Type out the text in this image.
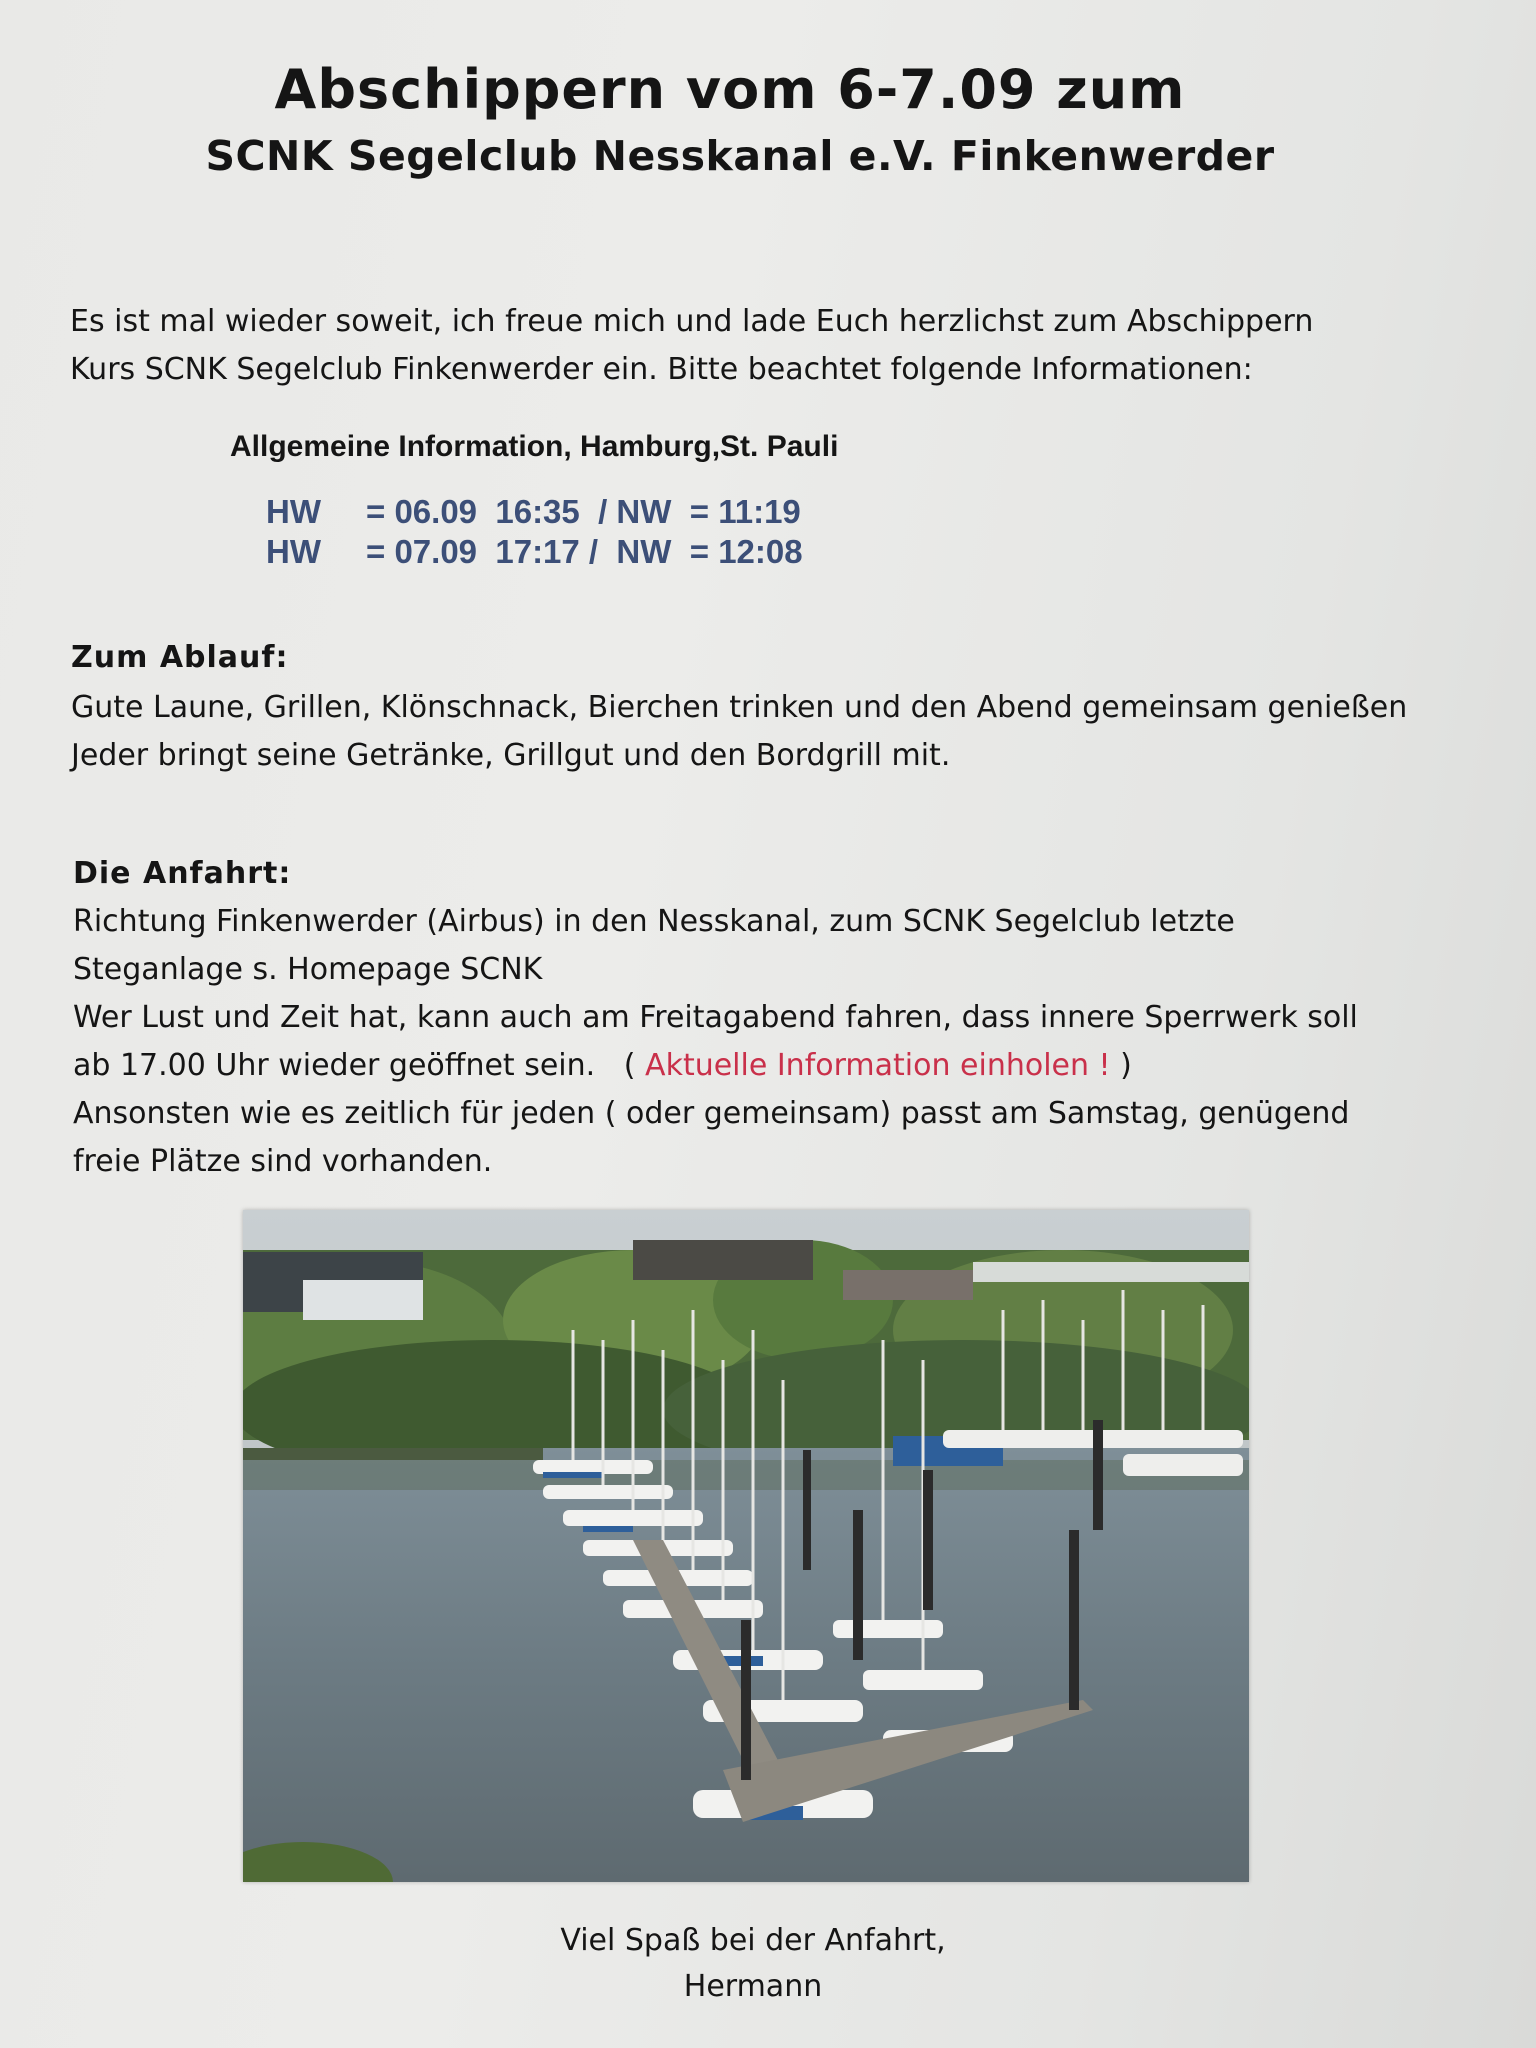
Abschippern vom 6-7.09 zum
SCNK Segelclub Nesskanal e.V. Finkenwerder
Es ist mal wieder soweit, ich freue mich und lade Euch herzlichst zum Abschippern
Kurs SCNK Segelclub Finkenwerder ein. Bitte beachtet folgende Informationen:
Allgemeine Information, Hamburg,St. Pauli
HW	= 06.09  16:35  / NW  = 11:19
HW	= 07.09  17:17 /  NW  = 12:08
Zum Ablauf:
Gute Laune, Grillen, Klönschnack, Bierchen trinken und den Abend gemeinsam genießen
Jeder bringt seine Getränke, Grillgut und den Bordgrill mit.
Die Anfahrt:
Richtung Finkenwerder (Airbus) in den Nesskanal, zum SCNK Segelclub letzte
Steganlage s. Homepage SCNK
Wer Lust und Zeit hat, kann auch am Freitagabend fahren, dass innere Sperrwerk soll
ab 17.00 Uhr wieder geöffnet sein.   ( Aktuelle Information einholen ! )
Ansonsten wie es zeitlich für jeden ( oder gemeinsam) passt am Samstag, genügend
freie Plätze sind vorhanden.
Viel Spaß bei der Anfahrt,
Hermann
